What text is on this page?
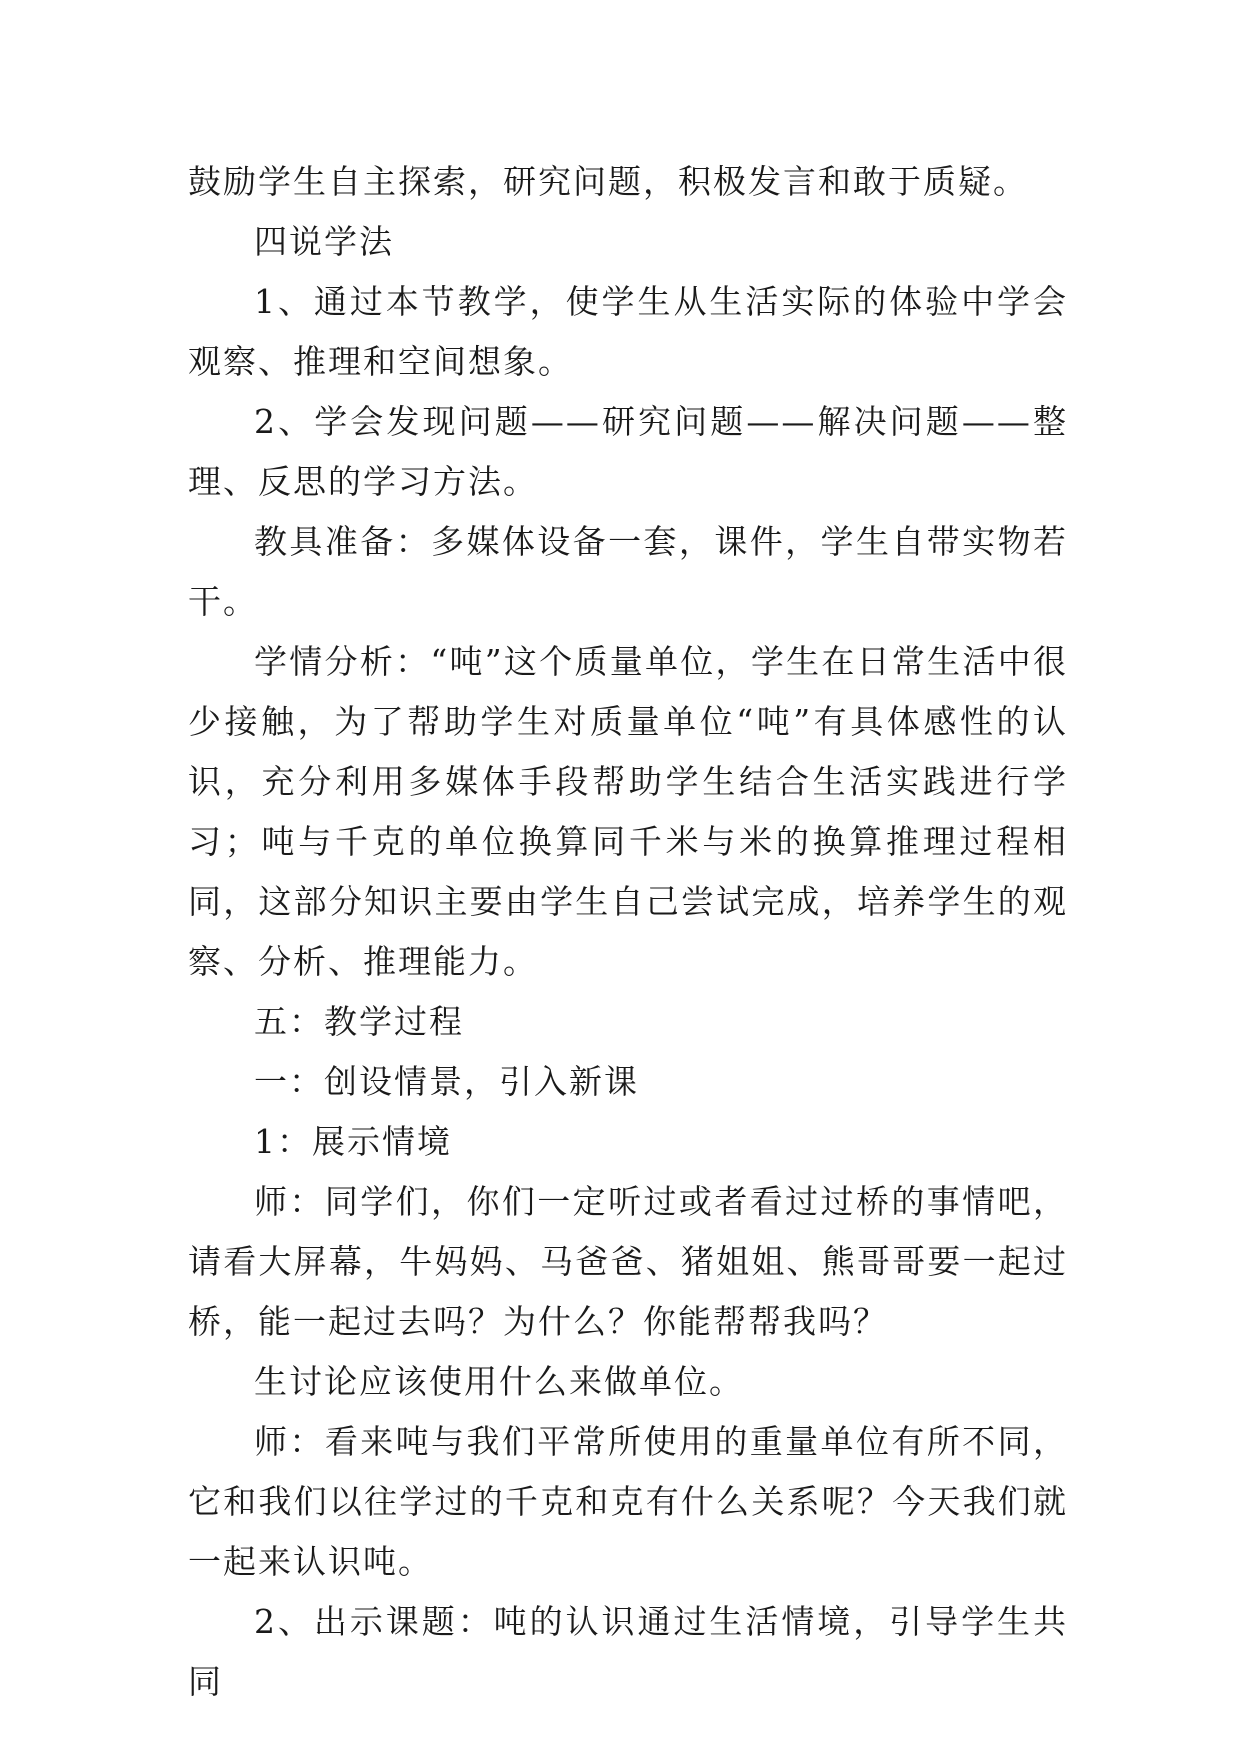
鼓励学生自主探索，研究问题，积极发言和敢于质疑。

四说学法

1、通过本节教学，使学生从生活实际的体验中学会观察、推理和空间想象。

2、学会发现问题——研究问题——解决问题——整理、反思的学习方法。

教具准备：多媒体设备一套，课件，学生自带实物若干。

学情分析：“吨”这个质量单位，学生在日常生活中很少接触，为了帮助学生对质量单位“吨”有具体感性的认识，充分利用多媒体手段帮助学生结合生活实践进行学习；吨与千克的单位换算同千米与米的换算推理过程相同，这部分知识主要由学生自己尝试完成，培养学生的观察、分析、推理能力。

五：教学过程

一：创设情景，引入新课

1：展示情境

师：同学们，你们一定听过或者看过过桥的事情吧，请看大屏幕，牛妈妈、马爸爸、猪姐姐、熊哥哥要一起过桥，能一起过去吗？为什么？你能帮帮我吗？

生讨论应该使用什么来做单位。

师：看来吨与我们平常所使用的重量单位有所不同，它和我们以往学过的千克和克有什么关系呢？今天我们就一起来认识吨。

2、出示课题：吨的认识通过生活情境，引导学生共同
